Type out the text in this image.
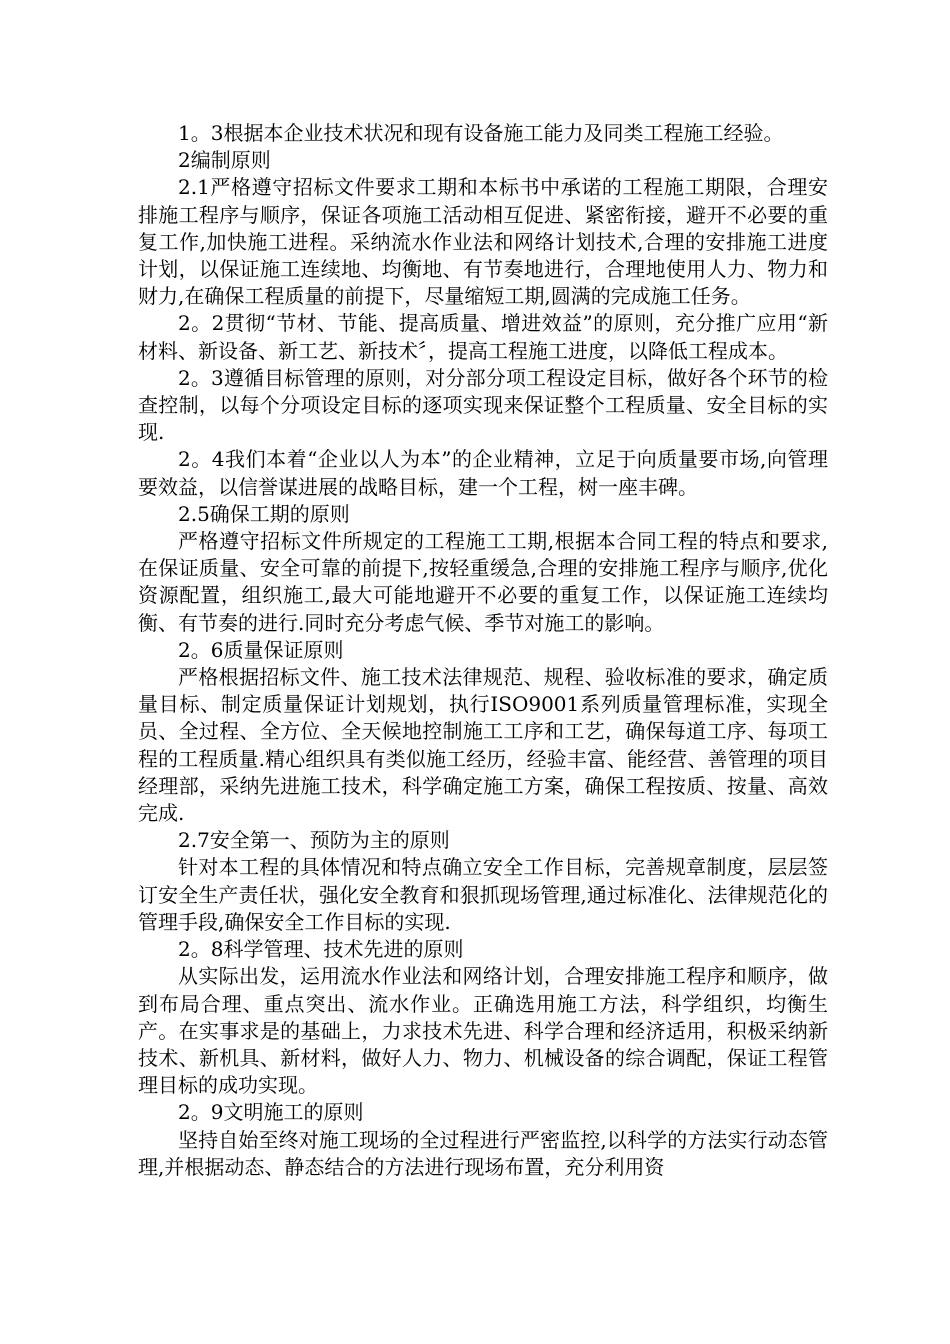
1。3根据本企业技术状况和现有设备施工能力及同类工程施工经验。

2编制原则

2.1严格遵守招标文件要求工期和本标书中承诺的工程施工期限，合理安排施工程序与顺序，保证各项施工活动相互促进、紧密衔接，避开不必要的重复工作,加快施工进程。采纳流水作业法和网络计划技术,合理的安排施工进度计划，以保证施工连续地、均衡地、有节奏地进行，合理地使用人力、物力和财力,在确保工程质量的前提下，尽量缩短工期,圆满的完成施工任务。

2。2贯彻“节材、节能、提高质量、增进效益”的原则，充分推广应用“新材料、新设备、新工艺、新技术〞，提高工程施工进度，以降低工程成本。

2。3遵循目标管理的原则，对分部分项工程设定目标，做好各个环节的检查控制，以每个分项设定目标的逐项实现来保证整个工程质量、安全目标的实现.

2。4我们本着“企业以人为本”的企业精神，立足于向质量要市场,向管理要效益，以信誉谋进展的战略目标，建一个工程，树一座丰碑。

2.5确保工期的原则

严格遵守招标文件所规定的工程施工工期,根据本合同工程的特点和要求,在保证质量、安全可靠的前提下,按轻重缓急,合理的安排施工程序与顺序,优化资源配置，组织施工,最大可能地避开不必要的重复工作，以保证施工连续均衡、有节奏的进行.同时充分考虑气候、季节对施工的影响。

2。6质量保证原则

严格根据招标文件、施工技术法律规范、规程、验收标准的要求，确定质量目标、制定质量保证计划规划，执行ISO9001系列质量管理标准，实现全员、全过程、全方位、全天候地控制施工工序和工艺，确保每道工序、每项工程的工程质量.精心组织具有类似施工经历，经验丰富、能经营、善管理的项目经理部，采纳先进施工技术，科学确定施工方案，确保工程按质、按量、高效完成.

2.7安全第一、预防为主的原则

针对本工程的具体情况和特点确立安全工作目标，完善规章制度，层层签订安全生产责任状，强化安全教育和狠抓现场管理,通过标准化、法律规范化的管理手段,确保安全工作目标的实现.

2。8科学管理、技术先进的原则

从实际出发，运用流水作业法和网络计划，合理安排施工程序和顺序，做到布局合理、重点突出、流水作业。正确选用施工方法，科学组织，均衡生产。在实事求是的基础上，力求技术先进、科学合理和经济适用，积极采纳新技术、新机具、新材料，做好人力、物力、机械设备的综合调配，保证工程管理目标的成功实现。

2。9文明施工的原则

坚持自始至终对施工现场的全过程进行严密监控,以科学的方法实行动态管理,并根据动态、静态结合的方法进行现场布置，充分利用资
